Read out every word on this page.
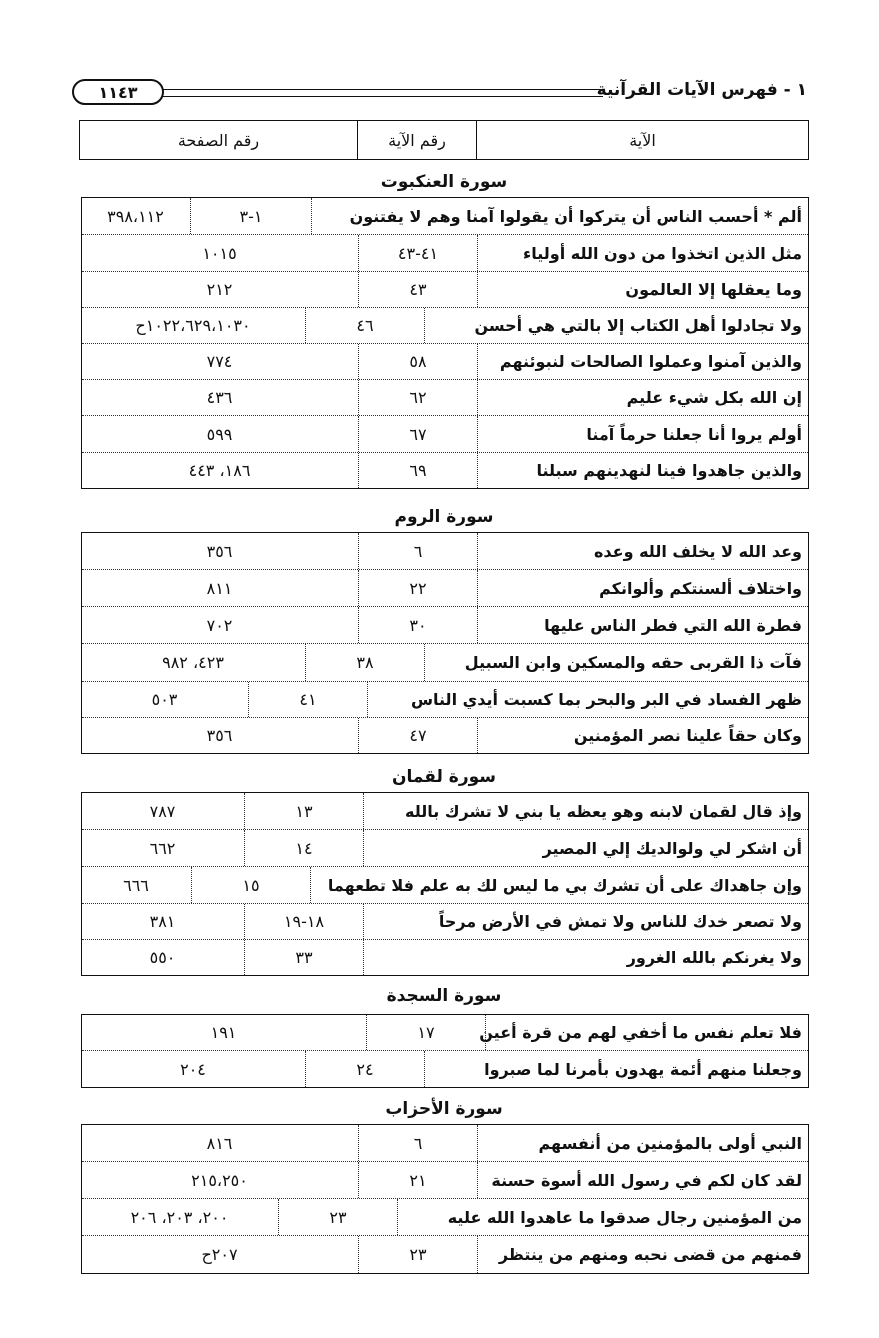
١ - فهرس الآيات القرآنية
١١٤٣
الآية
رقم الآية
رقم الصفحة
سورة العنكبوت
ألم * أحسب الناس أن يتركوا أن يقولوا آمنا وهم لا يفتنون
١-٣
٣٩٨،١١٢
مثل الذين اتخذوا من دون الله أولياء
٤١-٤٣
١٠١٥
وما يعقلها إلا العالمون
٤٣
٢١٢
ولا تجادلوا أهل الكتاب إلا بالتي هي أحسن
٤٦
١٠٢٢،٦٢٩،١٠٣٠ح
والذين آمنوا وعملوا الصالحات لنبوئنهم
٥٨
٧٧٤
إن الله بكل شيء عليم
٦٢
٤٣٦
أولم يروا أنا جعلنا حرماً آمنا
٦٧
٥٩٩
والذين جاهدوا فينا لنهدينهم سبلنا
٦٩
١٨٦، ٤٤٣
سورة الروم
وعد الله لا يخلف الله وعده
٦
٣٥٦
واختلاف ألسنتكم وألوانكم
٢٢
٨١١
فطرة الله التي فطر الناس عليها
٣٠
٧٠٢
فآت ذا القربى حقه والمسكين وابن السبيل
٣٨
٤٢٣، ٩٨٢
ظهر الفساد في البر والبحر بما كسبت أيدي الناس
٤١
٥٠٣
وكان حقاً علينا نصر المؤمنين
٤٧
٣٥٦
سورة لقمان
وإذ قال لقمان لابنه وهو يعظه يا بني لا تشرك بالله
١٣
٧٨٧
أن اشكر لي ولوالديك إلي المصير
١٤
٦٦٢
وإن جاهداك على أن تشرك بي ما ليس لك به علم فلا تطعهما
١٥
٦٦٦
ولا تصعر خدك للناس ولا تمش في الأرض مرحاً
١٨-١٩
٣٨١
ولا يغرنكم بالله الغرور
٣٣
٥٥٠
سورة السجدة
فلا تعلم نفس ما أخفي لهم من قرة أعين
١٧
١٩١
وجعلنا منهم أئمة يهدون بأمرنا لما صبروا
٢٤
٢٠٤
سورة الأحزاب
النبي أولى بالمؤمنين من أنفسهم
٦
٨١٦
لقد كان لكم في رسول الله أسوة حسنة
٢١
٢١٥،٢٥٠
من المؤمنين رجال صدقوا ما عاهدوا الله عليه
٢٣
٢٠٠، ٢٠٣، ٢٠٦
فمنهم من قضى نحبه ومنهم من ينتظر
٢٣
٢٠٧ح
